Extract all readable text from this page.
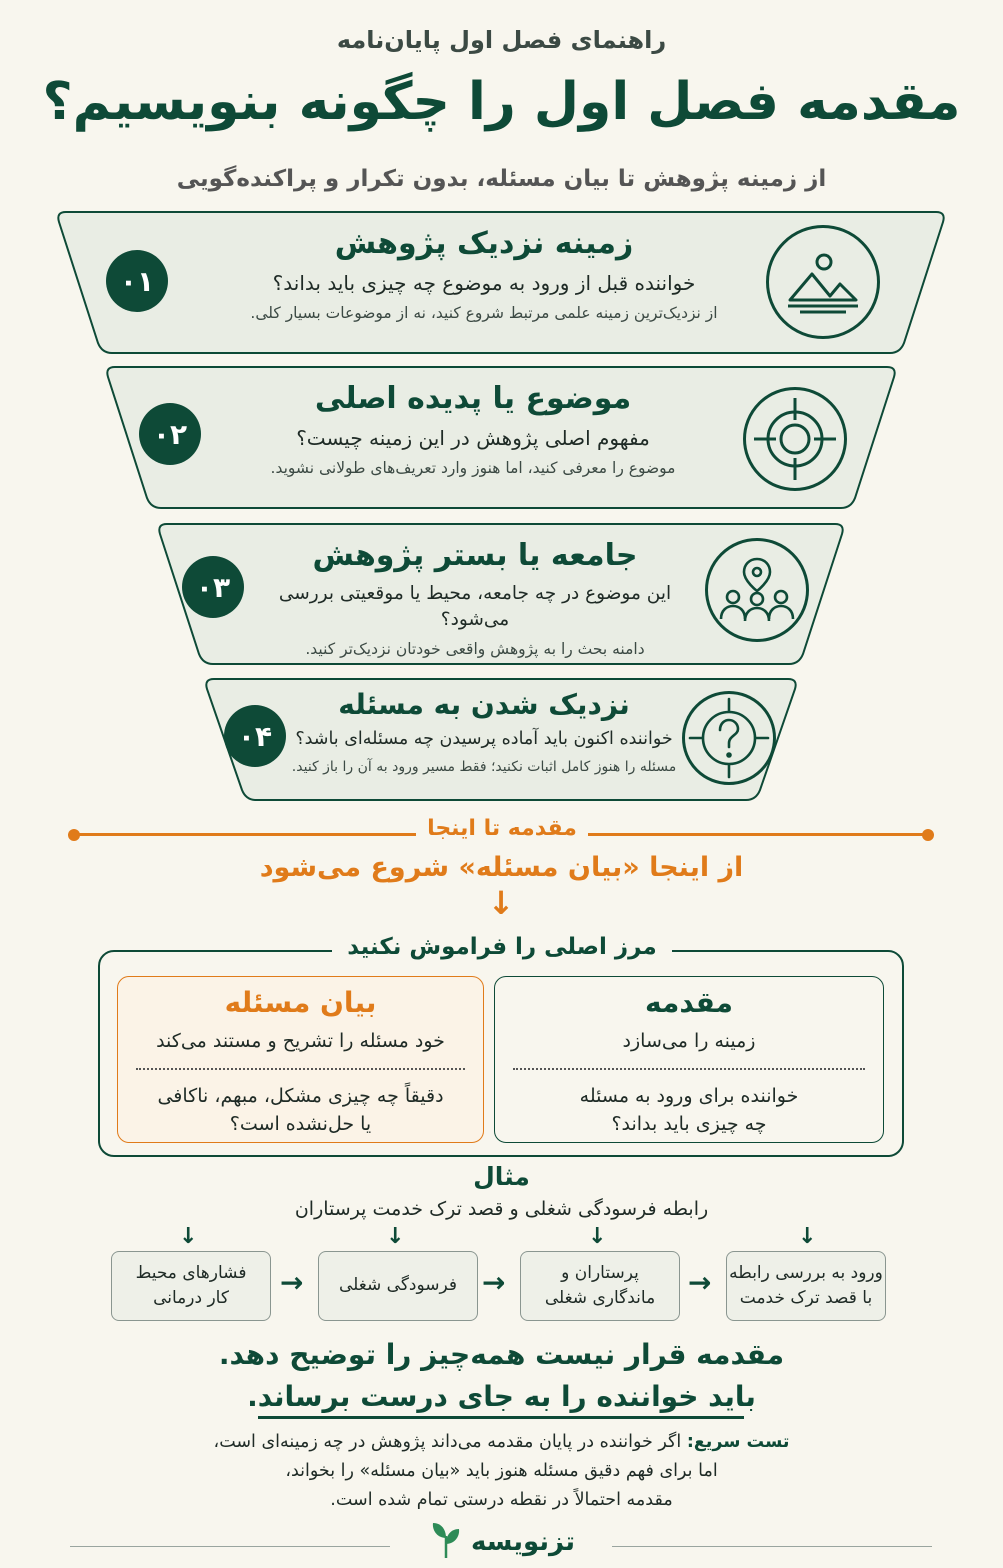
راهنمای فصل اول پایان‌نامه
مقدمه فصل اول را چگونه بنویسیم؟
از زمینه پژوهش تا بیان مسئله، بدون تکرار و پراکنده‌گویی
۰۱
زمینه نزدیک پژوهش
خواننده قبل از ورود به موضوع چه چیزی باید بداند؟
از نزدیک‌ترین زمینه علمی مرتبط شروع کنید، نه از موضوعات بسیار کلی.
۰۲
موضوع یا پدیده اصلی
مفهوم اصلی پژوهش در این زمینه چیست؟
موضوع را معرفی کنید، اما هنوز وارد تعریف‌های طولانی نشوید.
۰۳
جامعه یا بستر پژوهش
این موضوع در چه جامعه، محیط یا موقعیتی بررسی می‌شود؟
دامنه بحث را به پژوهش واقعی خودتان نزدیک‌تر کنید.
۰۴
نزدیک شدن به مسئله
خواننده اکنون باید آماده پرسیدن چه مسئله‌ای باشد؟
مسئله را هنوز کامل اثبات نکنید؛ فقط مسیر ورود به آن را باز کنید.
مقدمه تا اینجا
از اینجا «بیان مسئله» شروع می‌شود
↓
مرز اصلی را فراموش نکنید
مقدمه
زمینه را می‌سازد
خواننده برای ورود به مسئله
چه چیزی باید بداند؟
بیان مسئله
خود مسئله را تشریح و مستند می‌کند
دقیقاً چه چیزی مشکل، مبهم، ناکافی
یا حل‌نشده است؟
مثال
رابطه فرسودگی شغلی و قصد ترک خدمت پرستاران
↓
↓
↓
↓
ورود به بررسی رابطه
با قصد ترک خدمت
→
پرستاران و
ماندگاری شغلی
→
فرسودگی شغلی
→
فشارهای محیط
کار درمانی
مقدمه قرار نیست همه‌چیز را توضیح دهد.
باید خواننده را به جای درست برساند.
تست سریع: اگر خواننده در پایان مقدمه می‌داند پژوهش در چه زمینه‌ای است،
اما برای فهم دقیق مسئله هنوز باید «بیان مسئله» را بخواند،
مقدمه احتمالاً در نقطه درستی تمام شده است.
تزنویسه
